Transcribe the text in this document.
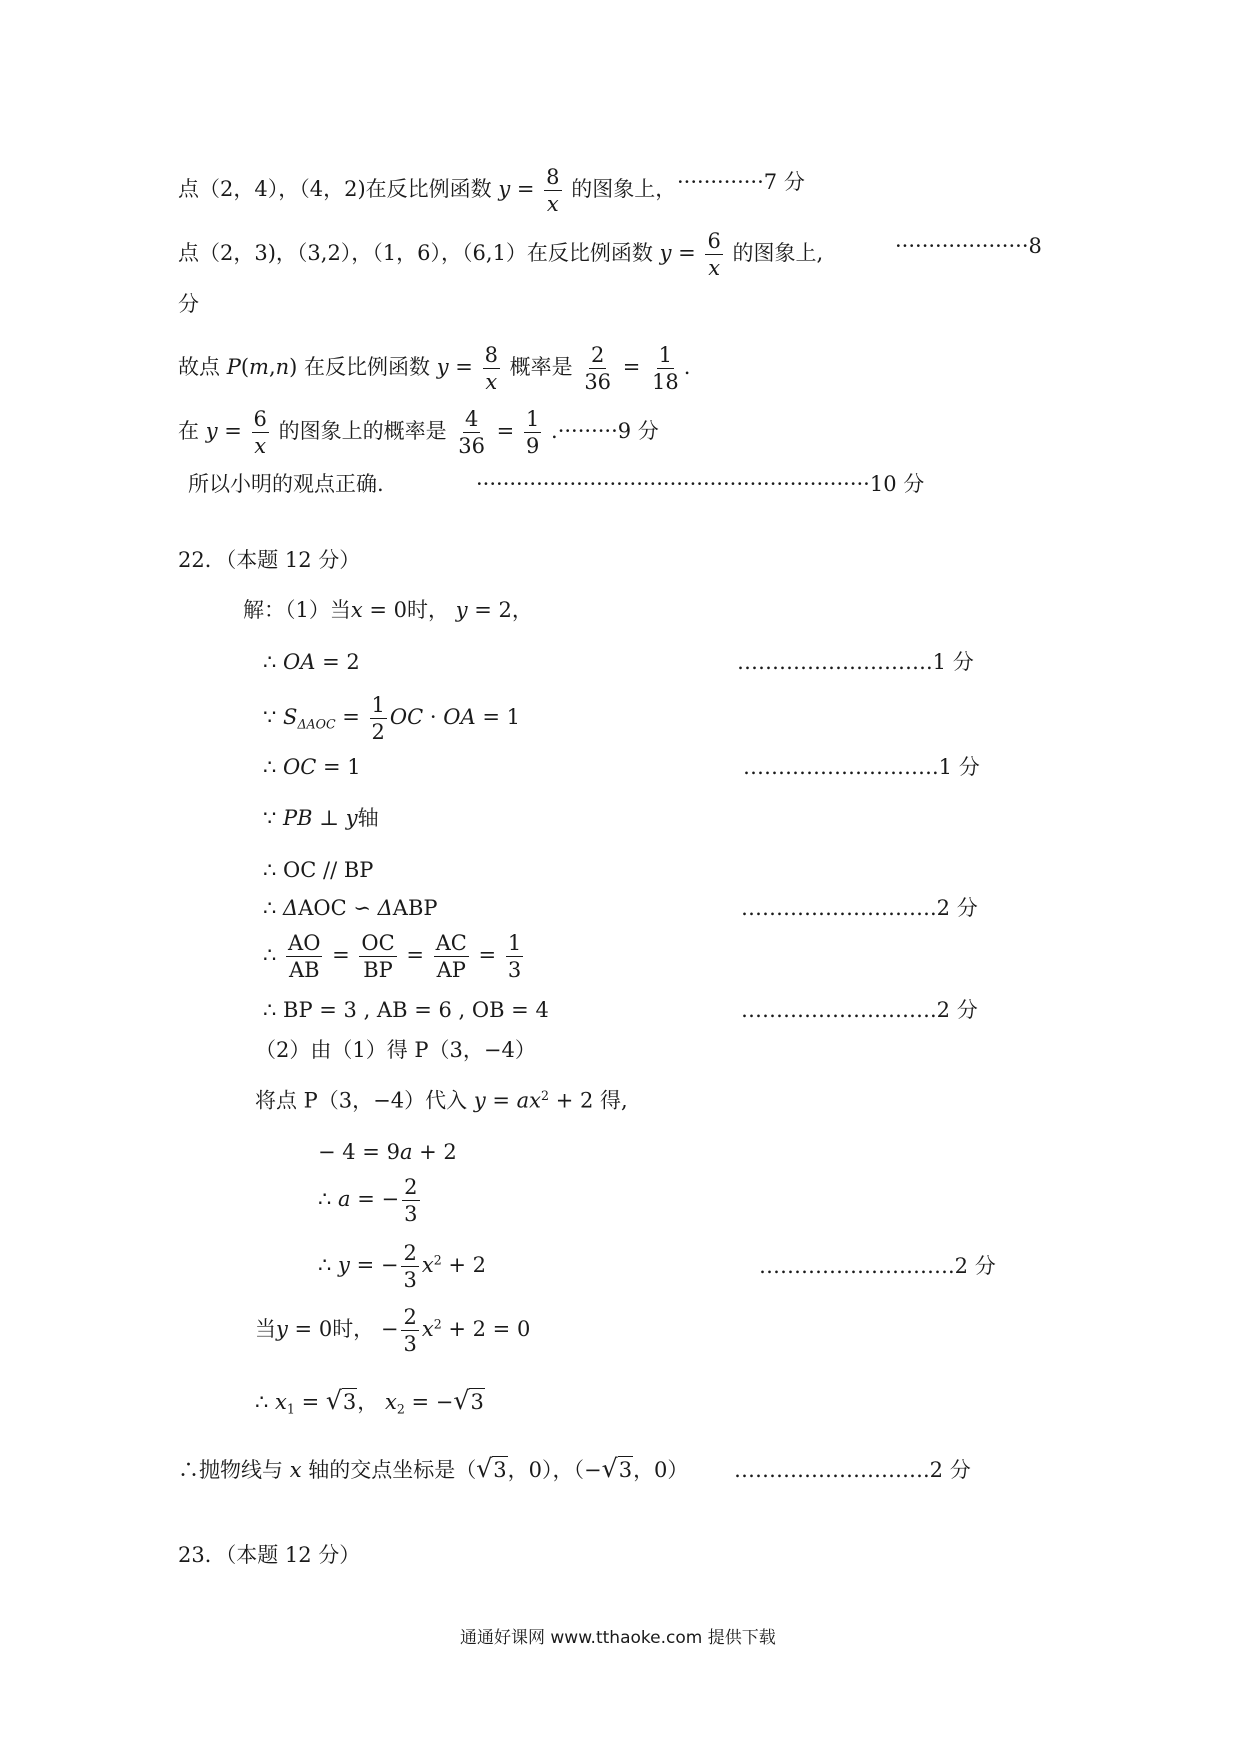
点（2，4），（4，2)在反比例函数 $y = \frac{8}{x}$ 的图象上， ·············7 分
点（2，3)，（3,2），（1，6），（6,1）在反比例函数 $y = \frac{6}{x}$ 的图象上,	····················8
分
故点 P(m,n) 在反比例函数 $y = \frac{8}{x}$ 概率是 $\frac{2}{36} = \frac{1}{18}$ .
在 $y = \frac{6}{x}$ 的图象上的概率是 $\frac{4}{36} = \frac{1}{9} .\cdot\cdot\cdot\cdot\cdot\cdot\cdot\cdot\cdot 9$ 分
所以小明的观点正确.	···························································10 分
22．（本题 12 分）
解：（1）当x = 0时， y = 2，
∴ OA = 2	……………………….1 分
∵ $S_{\Delta AOC} = \frac{1}{2}$ OC · OA = 1
∴ OC = 1	……………………….1 分
∵ PB ⊥ y轴
∴ OC // BP
∴ ΔAOC ∽ ΔABP	……………………….2 分
∴ $\frac{AO}{AB} = \frac{OC}{BP} = \frac{AC}{AP} = \frac{1}{3}$
∴ BP = 3 , AB = 6 , OB = 4	……………………….2 分
（2）由（1）得 P（3，−4）
将点 P（3，−4）代入 $y = ax^2 + 2$ 得,
− 4 = 9a + 2
∴ a = − $\frac{2}{3}$
∴ y = − $\frac{2}{3} x^2 + 2$	……………………….2 分
当y = 0时， − $\frac{2}{3} x^2 + 2 = 0$
∴ $x_1 = √3$， $x_2 = -√3$
∴抛物线与 x 轴的交点坐标是（√3，0），（−√3，0） ……………………….2 分
23．（本题 12 分）
通通好课网 www.tthaoke.com 提供下载
